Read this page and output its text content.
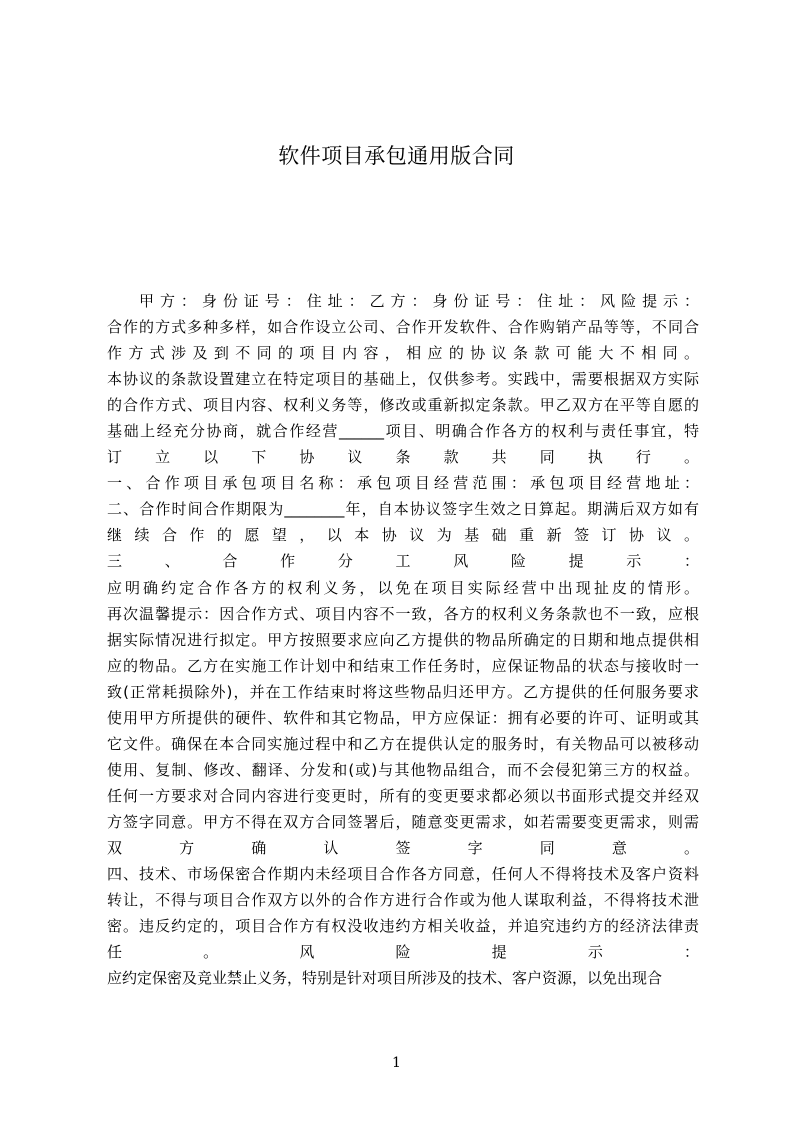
软件项目承包通用版合同
甲方：身份证号：住址：乙方：身份证号：住址：风险提示：
合作的方式多种多样，如合作设立公司、合作开发软件、合作购销产品等等，不同合
作方式涉及到不同的项目内容，相应的协议条款可能大不相同。
本协议的条款设置建立在特定项目的基础上，仅供参考。实践中，需要根据双方实际
的合作方式、项目内容、权利义务等，修改或重新拟定条款。甲乙双方在平等自愿的
基础上经充分协商，就合作经营______项目、明确合作各方的权利与责任事宜，特
订立以下协议条款共同执行。
一、合作项目承包项目名称：承包项目经营范围：承包项目经营地址：
二、合作时间合作期限为________年，自本协议签字生效之日算起。期满后双方如有
继续合作的愿望，以本协议为基础重新签订协议。
三、合作分工风险提示：
应明确约定合作各方的权利义务，以免在项目实际经营中出现扯皮的情形。
再次温馨提示：因合作方式、项目内容不一致，各方的权利义务条款也不一致，应根
据实际情况进行拟定。甲方按照要求应向乙方提供的物品所确定的日期和地点提供相
应的物品。乙方在实施工作计划中和结束工作任务时，应保证物品的状态与接收时一
致(正常耗损除外)，并在工作结束时将这些物品归还甲方。乙方提供的任何服务要求
使用甲方所提供的硬件、软件和其它物品，甲方应保证：拥有必要的许可、证明或其
它文件。确保在本合同实施过程中和乙方在提供认定的服务时，有关物品可以被移动
使用、复制、修改、翻译、分发和(或)与其他物品组合，而不会侵犯第三方的权益。
任何一方要求对合同内容进行变更时，所有的变更要求都必须以书面形式提交并经双
方签字同意。甲方不得在双方合同签署后，随意变更需求，如若需要变更需求，则需
双方确认签字同意。
四、技术、市场保密合作期内未经项目合作各方同意，任何人不得将技术及客户资料
转让，不得与项目合作双方以外的合作方进行合作或为他人谋取利益，不得将技术泄
密。违反约定的，项目合作方有权没收违约方相关收益，并追究违约方的经济法律责
任。风险提示：
应约定保密及竞业禁止义务，特别是针对项目所涉及的技术、客户资源，以免出现合
1
